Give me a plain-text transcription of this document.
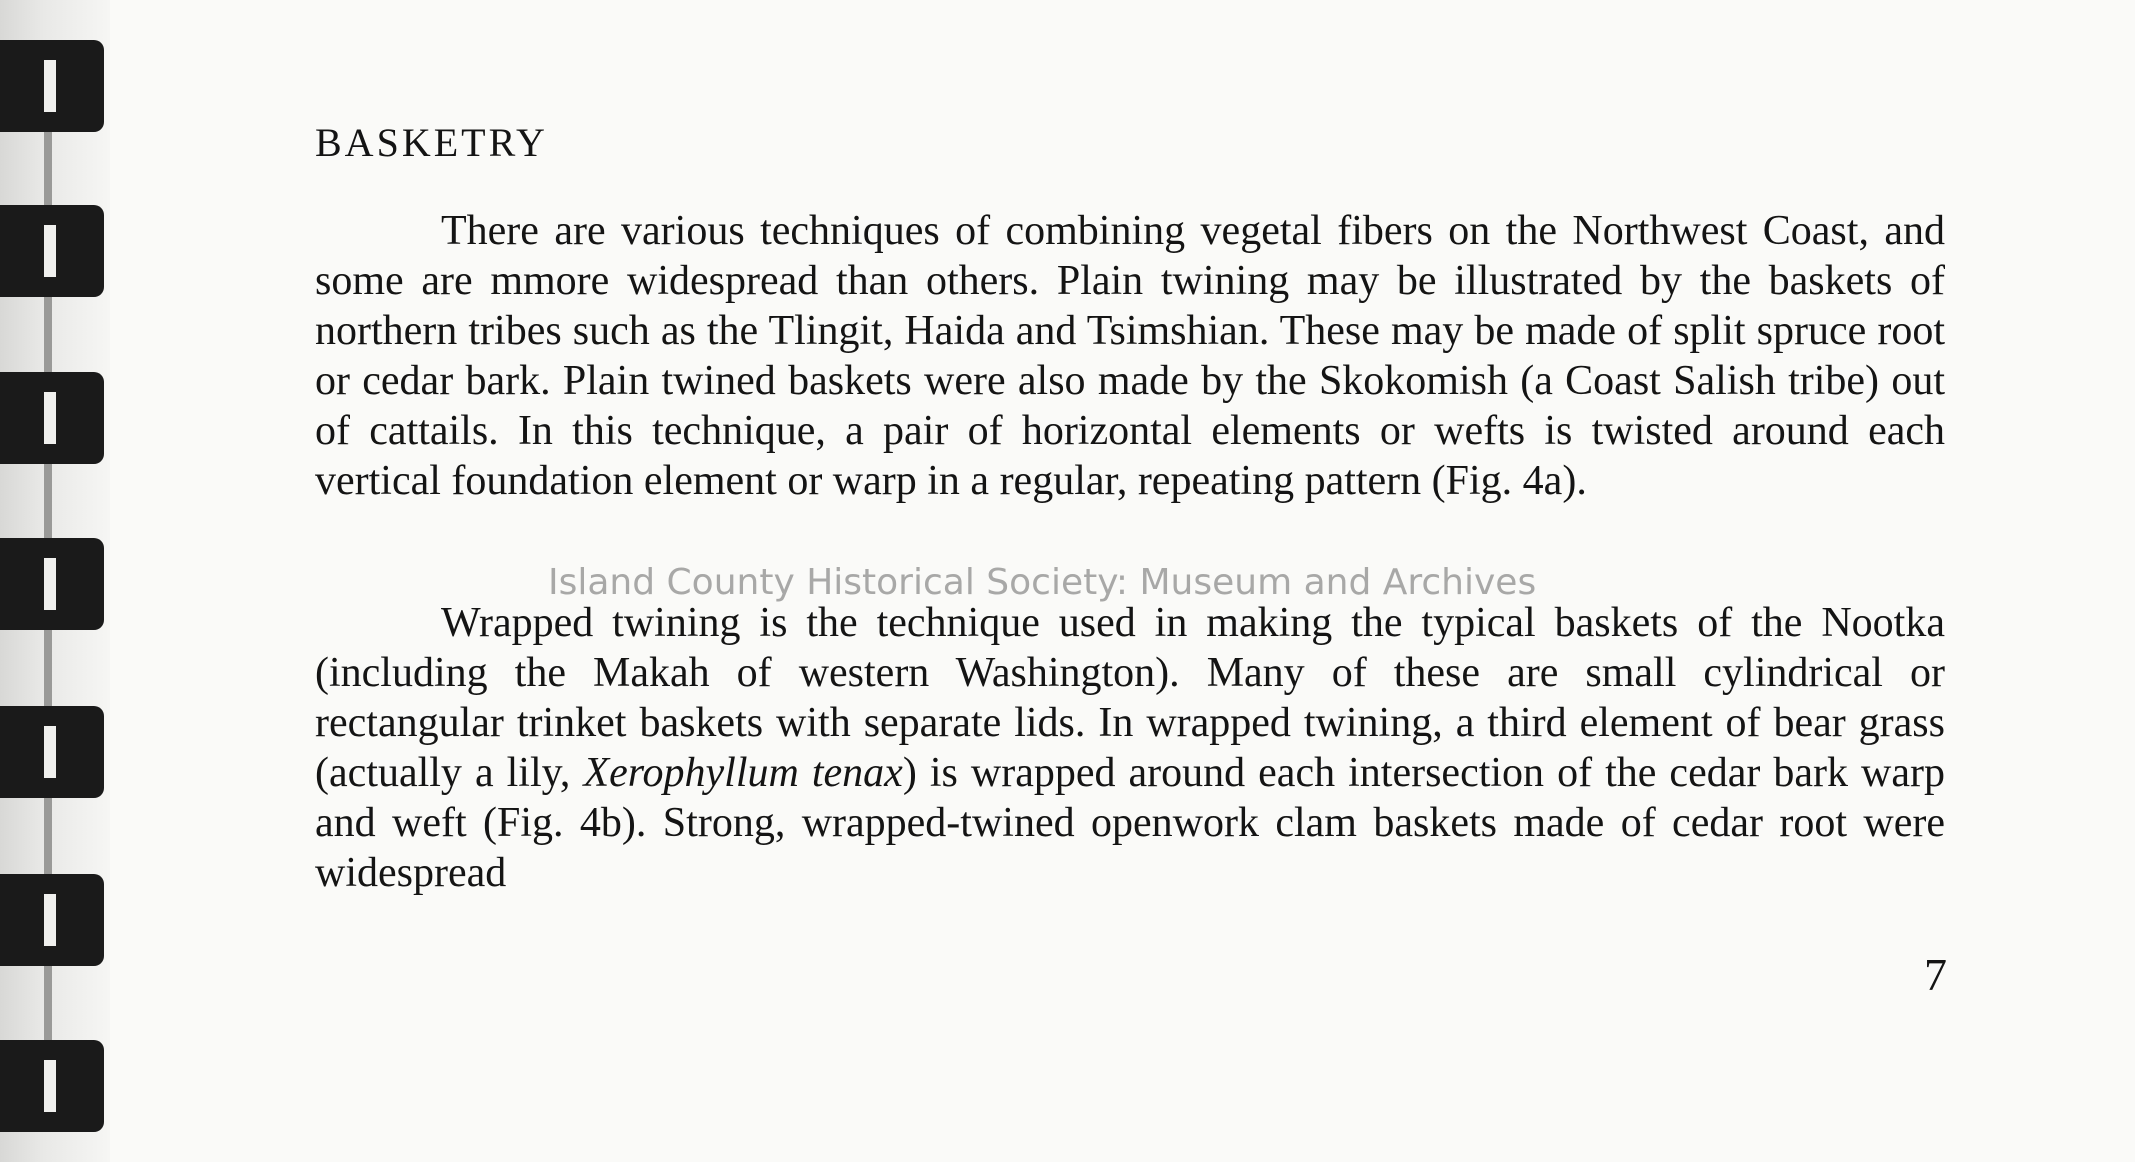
BASKETRY

There are various techniques of combining vegetal fibers on the Northwest Coast, and some are mmore widespread than others. Plain twining may be illustrated by the baskets of northern tribes such as the Tlingit, Haida and Tsimshian. These may be made of split spruce root or cedar bark. Plain twined baskets were also made by the Skokomish (a Coast Salish tribe) out of cattails. In this technique, a pair of horizontal elements or wefts is twisted around each vertical foundation element or warp in a regular, repeating pattern (Fig. 4a).

Wrapped twining is the technique used in making the typical baskets of the Nootka (including the Makah of western Washington). Many of these are small cylindrical or rectangular trinket baskets with separate lids. In wrapped twining, a third element of bear grass (actually a lily, Xerophyllum tenax) is wrapped around each intersection of the cedar bark warp and weft (Fig. 4b). Strong, wrapped-twined openwork clam baskets made of cedar root were widespread

Island County Historical Society: Museum and Archives
7
